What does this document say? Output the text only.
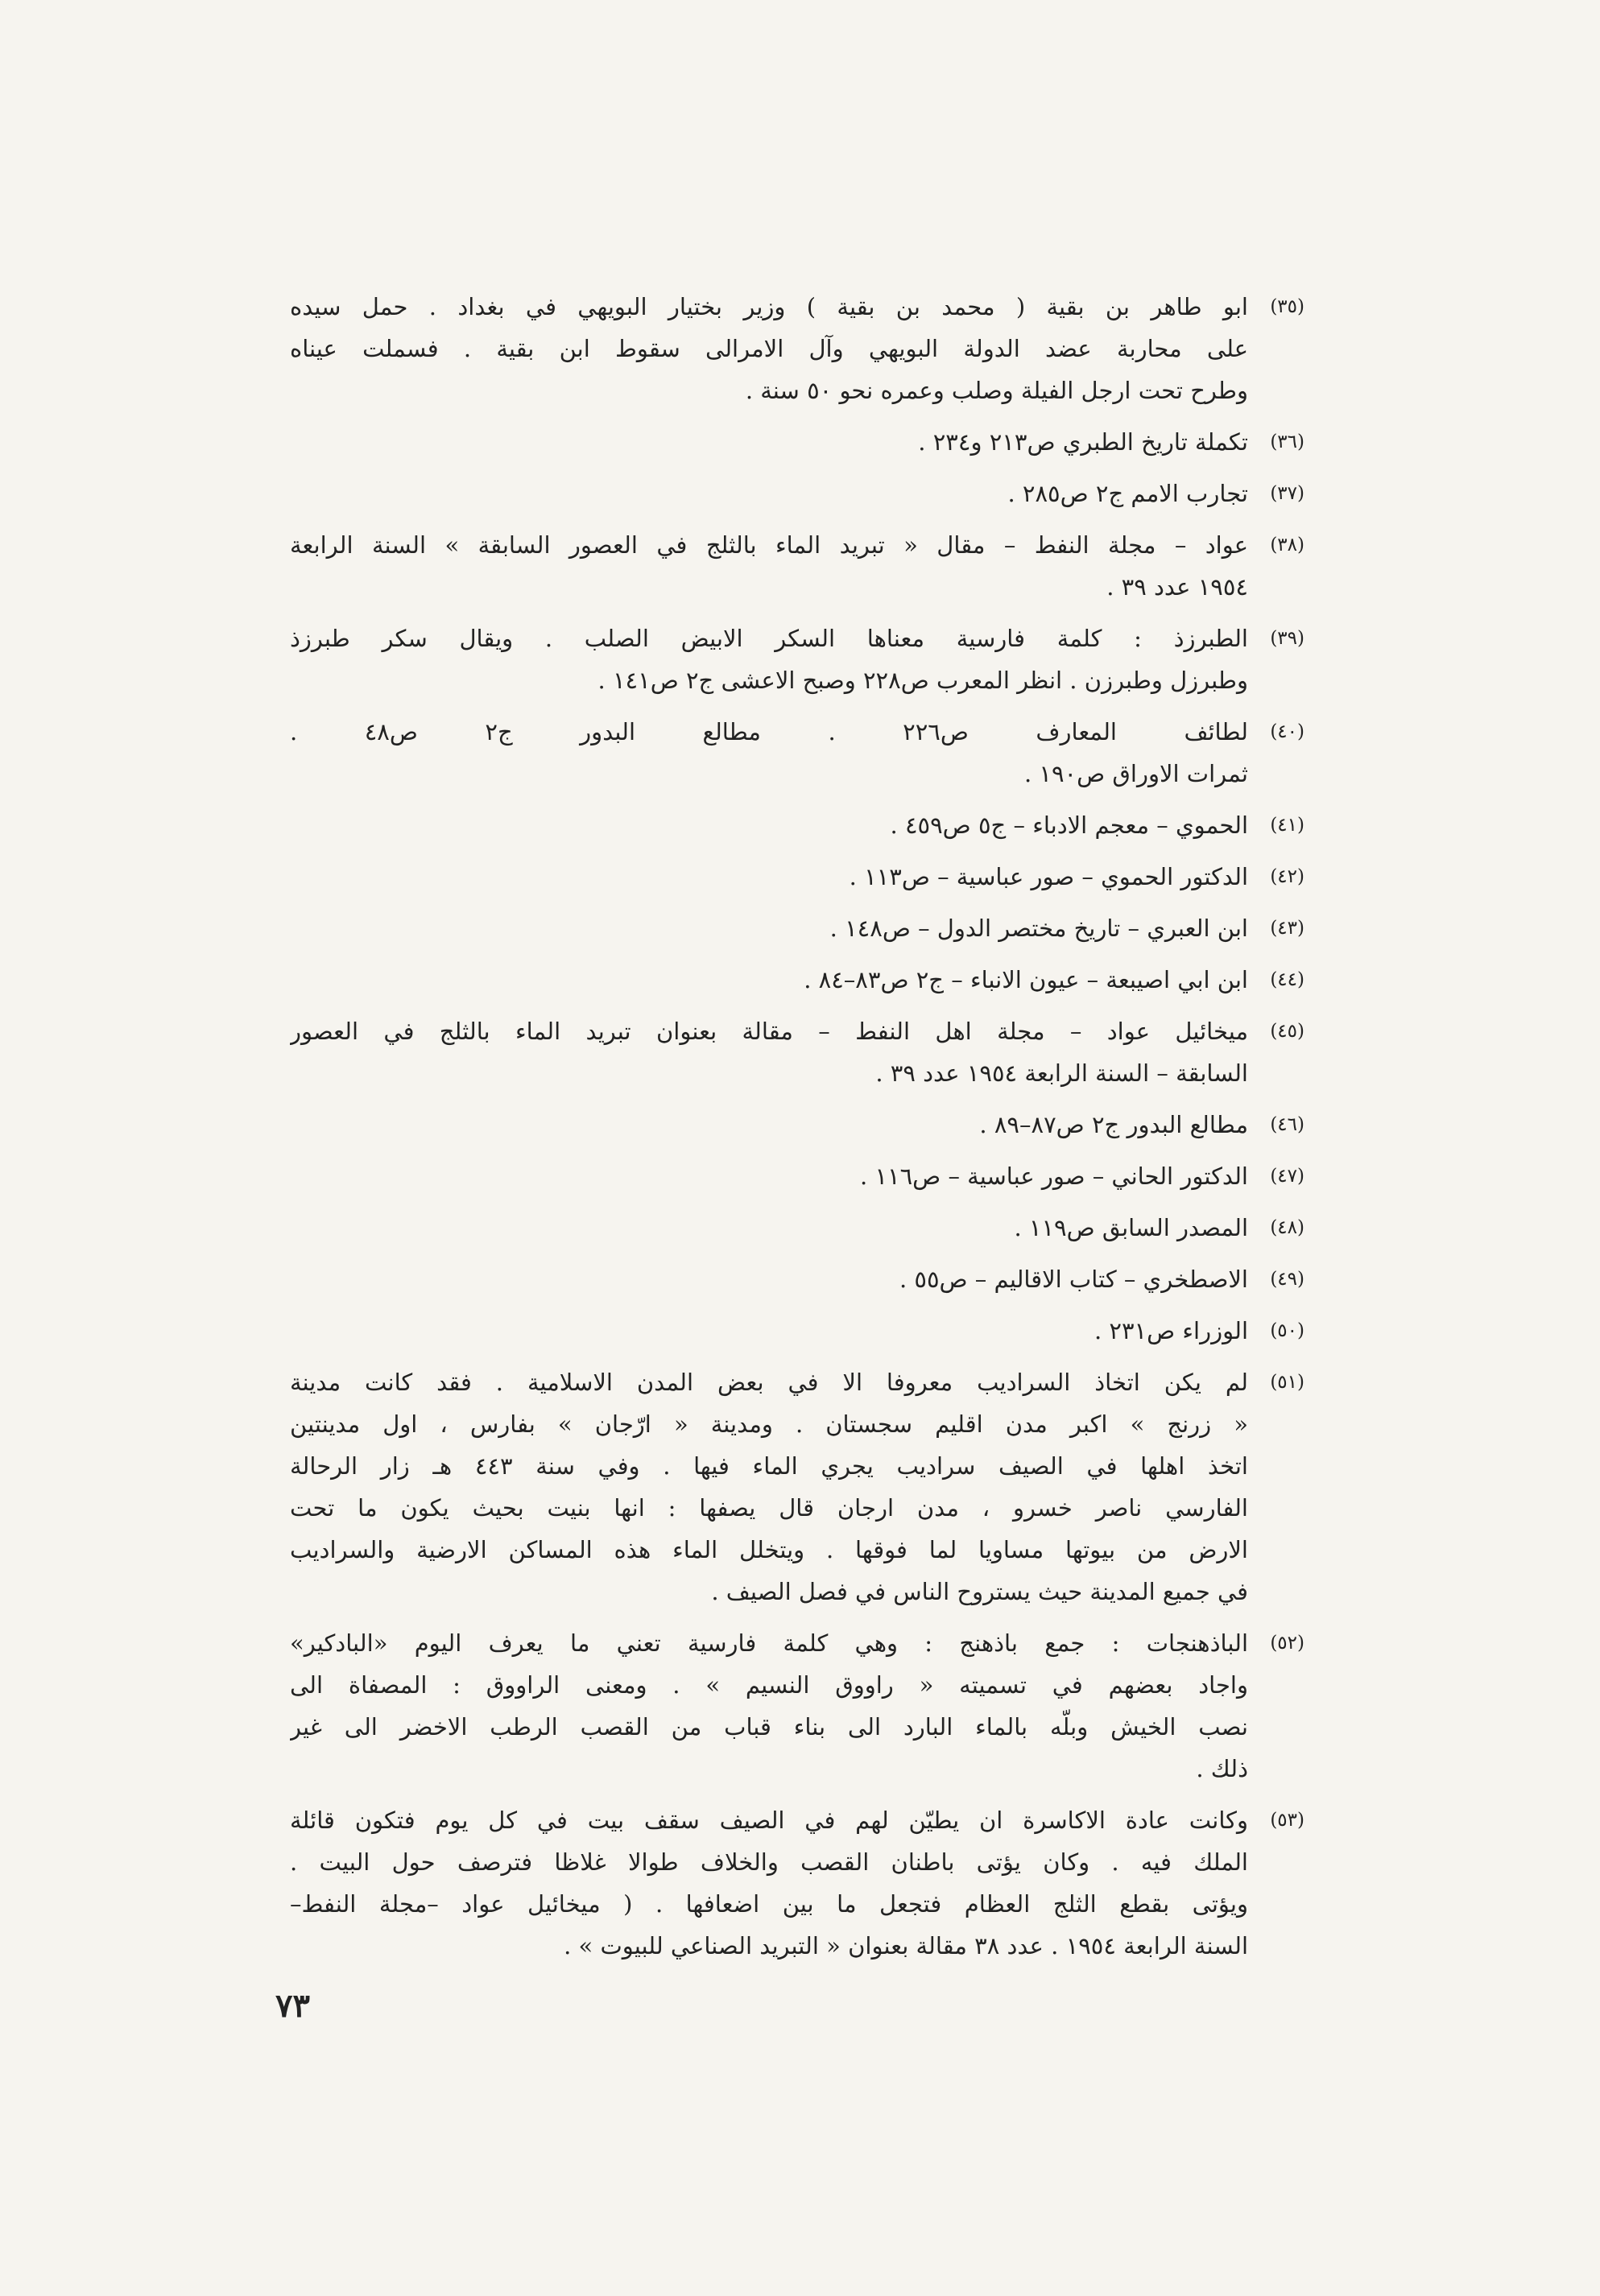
(٣٥)
ابو طاهر بن بقية ( محمد بن بقية ) وزير بختيار البويهي في بغداد . حمل سيده
على محاربة عضد الدولة البويهي وآل الامرالى سقوط ابن بقية . فسملت عيناه
وطرح تحت ارجل الفيلة وصلب وعمره نحو ٥٠ سنة .
(٣٦)
تكملة تاريخ الطبري ص٢١٣ و٢٣٤ .
(٣٧)
تجارب الامم ج٢ ص٢٨٥ .
(٣٨)
عواد – مجلة النفط – مقال « تبريد الماء بالثلج في العصور السابقة » السنة الرابعة
١٩٥٤ عدد ٣٩ .
(٣٩)
الطبرزذ : كلمة فارسية معناها السكر الابيض الصلب . ويقال سكر طبرزذ
وطبرزل وطبرزن . انظر المعرب ص٢٢٨ وصبح الاعشى ج٢ ص١٤١ .
(٤٠)
لطائف المعارف ص٢٢٦ . مطالع البدور ج٢ ص٤٨ .
ثمرات الاوراق ص١٩٠ .
(٤١)
الحموي – معجم الادباء – ج٥ ص٤٥٩ .
(٤٢)
الدكتور الحموي – صور عباسية – ص١١٣ .
(٤٣)
ابن العبري – تاريخ مختصر الدول – ص١٤٨ .
(٤٤)
ابن ابي اصيبعة – عيون الانباء – ج٢ ص٨٣–٨٤ .
(٤٥)
ميخائيل عواد – مجلة اهل النفط – مقالة بعنوان تبريد الماء بالثلج في العصور
السابقة – السنة الرابعة ١٩٥٤ عدد ٣٩ .
(٤٦)
مطالع البدور ج٢ ص٨٧–٨٩ .
(٤٧)
الدكتور الحاني – صور عباسية – ص١١٦ .
(٤٨)
المصدر السابق ص١١٩ .
(٤٩)
الاصطخري – كتاب الاقاليم – ص٥٥ .
(٥٠)
الوزراء ص٢٣١ .
(٥١)
لم يكن اتخاذ السراديب معروفا الا في بعض المدن الاسلامية . فقد كانت مدينة
« زرنج » اكبر مدن اقليم سجستان . ومدينة « ارّجان » بفارس ، اول مدينتين
اتخذ اهلها في الصيف سراديب يجري الماء فيها . وفي سنة ٤٤٣ هـ زار الرحالة
الفارسي ناصر خسرو ، مدن ارجان قال يصفها : انها بنيت بحيث يكون ما تحت
الارض من بيوتها مساويا لما فوقها . ويتخلل الماء هذه المساكن الارضية والسراديب
في جميع المدينة حيث يستروح الناس في فصل الصيف .
(٥٢)
الباذهنجات : جمع باذهنج : وهي كلمة فارسية تعني ما يعرف اليوم «البادكير»
واجاد بعضهم في تسميته « راووق النسيم » . ومعنى الراووق : المصفاة الى
نصب الخيش وبلّه بالماء البارد الى بناء قباب من القصب الرطب الاخضر الى غير
ذلك .
(٥٣)
وكانت عادة الاكاسرة ان يطيّن لهم في الصيف سقف بيت في كل يوم فتكون قائلة
الملك فيه . وكان يؤتى باطنان القصب والخلاف طوالا غلاظا فترصف حول البيت .
ويؤتى بقطع الثلج العظام فتجعل ما بين اضعافها . ( ميخائيل عواد –مجلة النفط–
السنة الرابعة ١٩٥٤ . عدد ٣٨ مقالة بعنوان « التبريد الصناعي للبيوت » .
٧٣
